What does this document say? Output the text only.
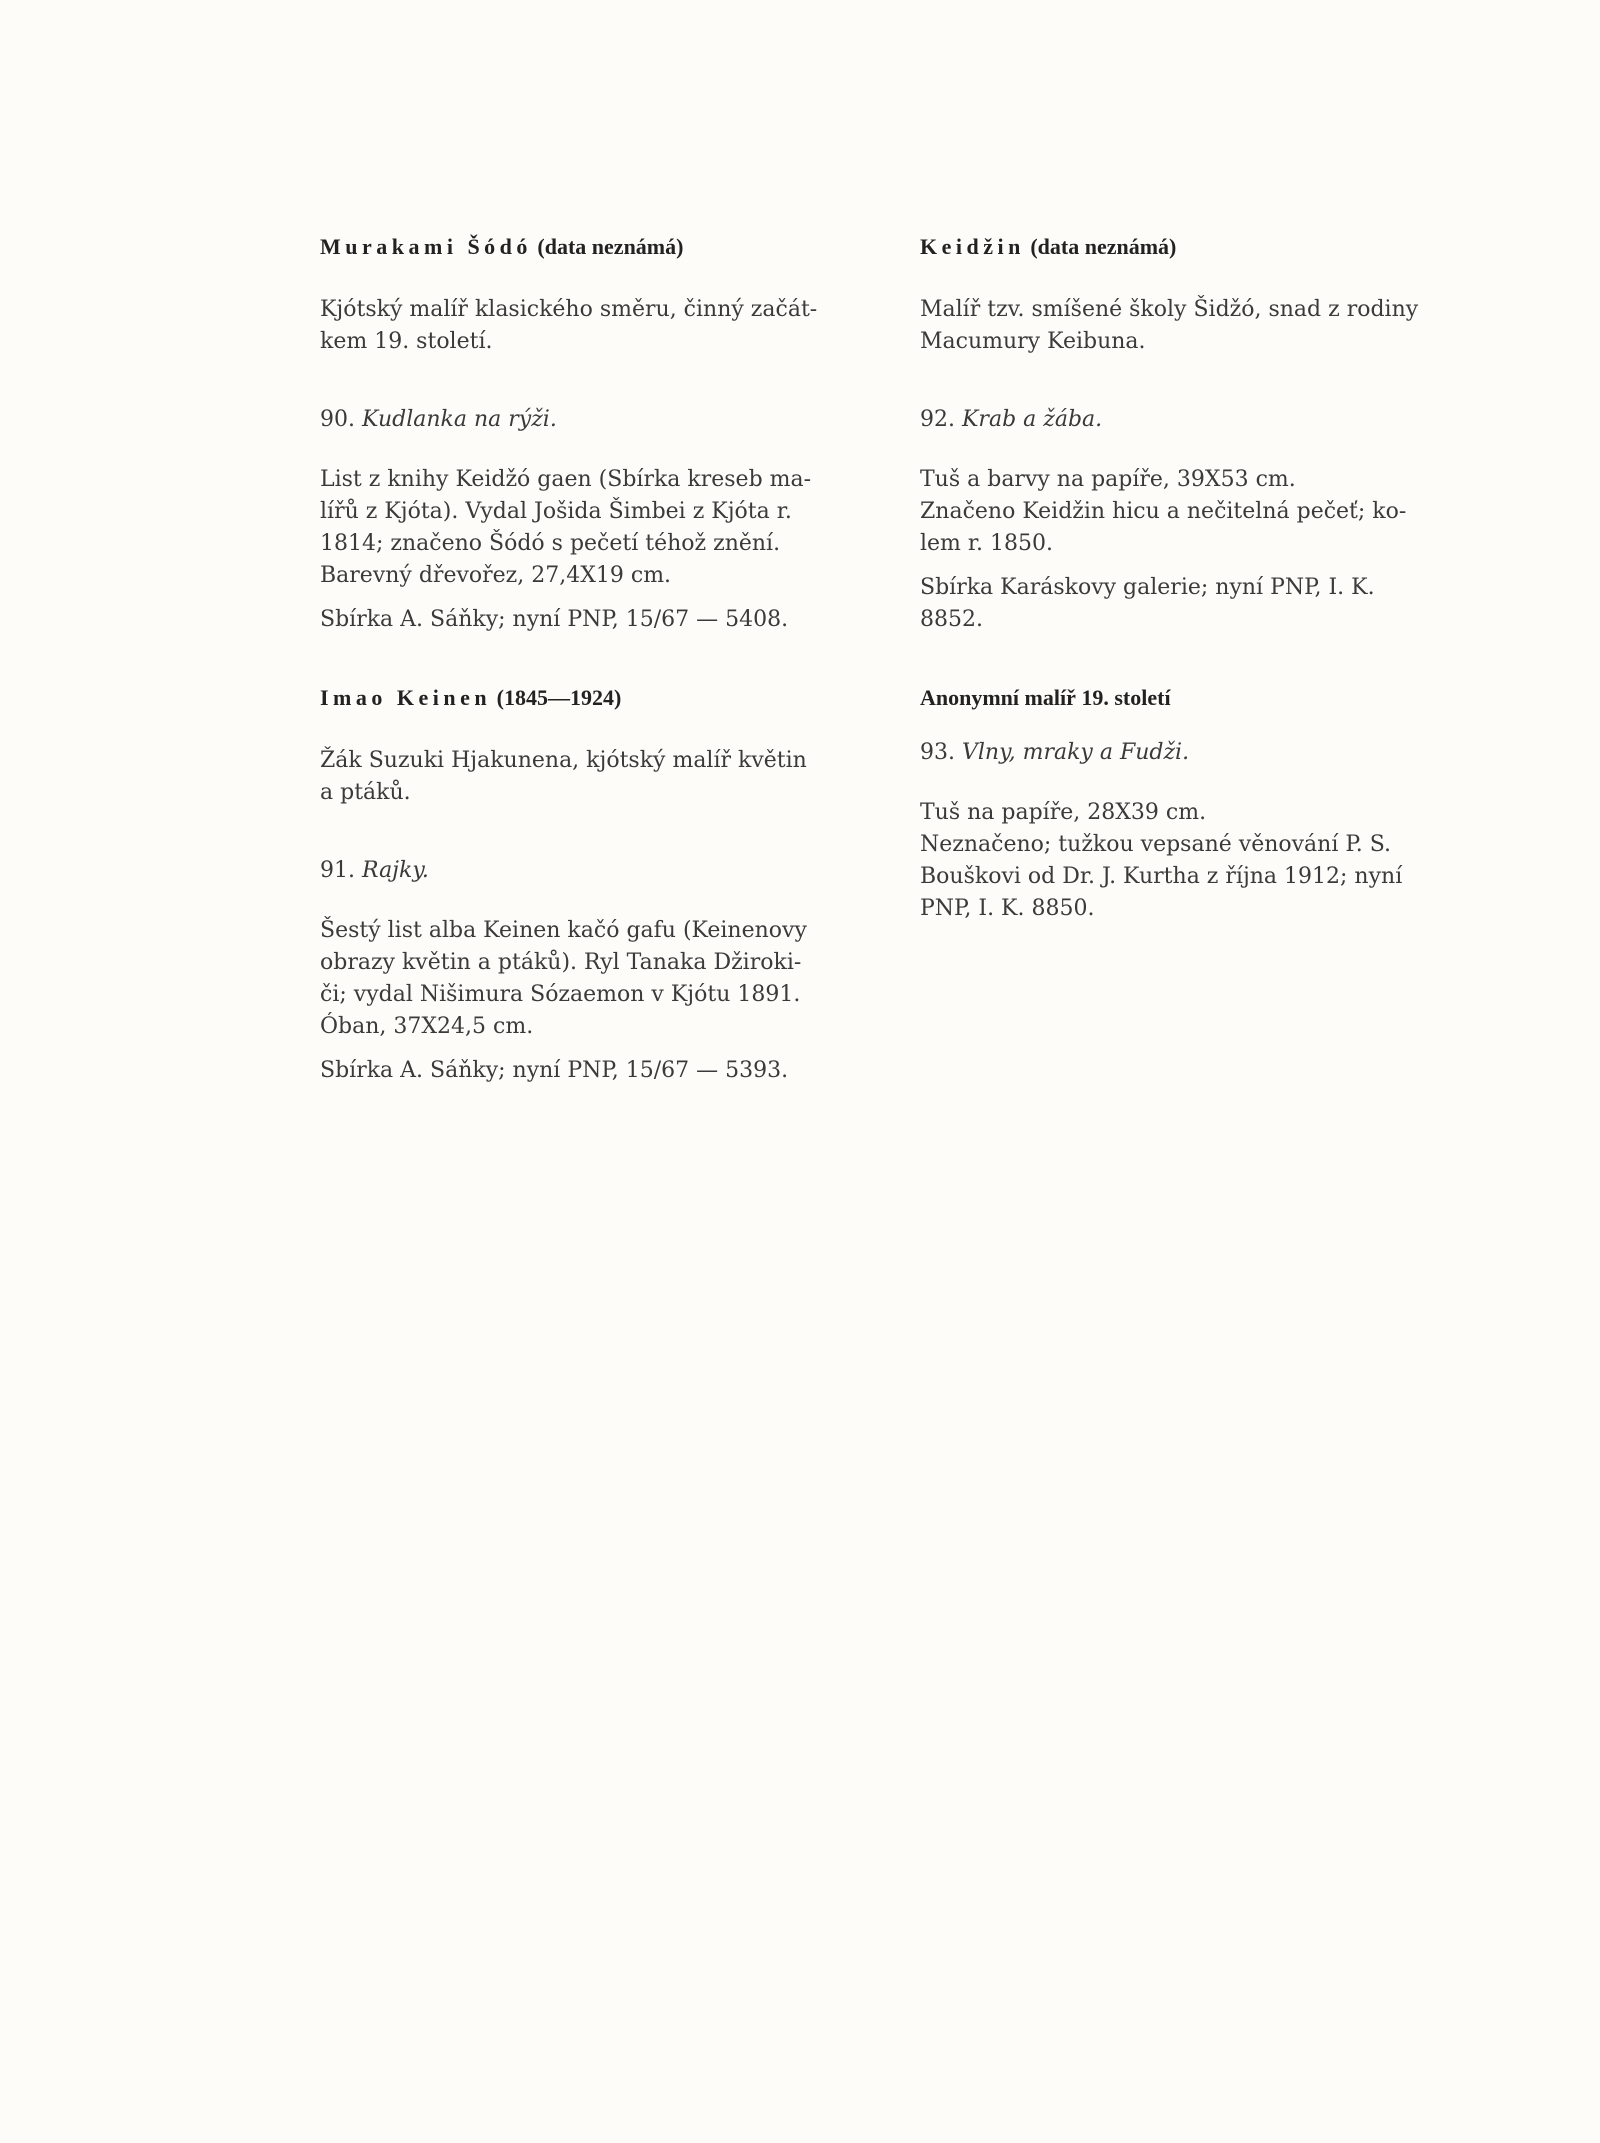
Murakami Šódó (data neznámá)

Kjótský malíř klasického směru, činný začát-
kem 19. století.

90. Kudlanka na rýži.

List z knihy Keidžó gaen (Sbírka kreseb ma-
lířů z Kjóta). Vydal Jošida Šimbei z Kjóta r.
1814; značeno Šódó s pečetí téhož znění.
Barevný dřevořez, 27,4X19 cm.

Sbírka A. Sáňky; nyní PNP, 15/67 — 5408.

Keidžin (data neznámá)

Malíř tzv. smíšené školy Šidžó, snad z rodiny
Macumury Keibuna.

92. Krab a žába.

Tuš a barvy na papíře, 39X53 cm.
Značeno Keidžin hicu a nečitelná pečeť; ko-
lem r. 1850.

Sbírka Karáskovy galerie; nyní PNP, I. K.
8852.

Imao Keinen (1845—1924)

Žák Suzuki Hjakunena, kjótský malíř květin
a ptáků.

91. Rajky.

Šestý list alba Keinen kačó gafu (Keinenovy
obrazy květin a ptáků). Ryl Tanaka Džiroki-
či; vydal Nišimura Sózaemon v Kjótu 1891.
Óban, 37X24,5 cm.

Sbírka A. Sáňky; nyní PNP, 15/67 — 5393.

Anonymní malíř 19. století

93. Vlny, mraky a Fudži.

Tuš na papíře, 28X39 cm.
Neznačeno; tužkou vepsané věnování P. S.
Bouškovi od Dr. J. Kurtha z října 1912; nyní
PNP, I. K. 8850.
